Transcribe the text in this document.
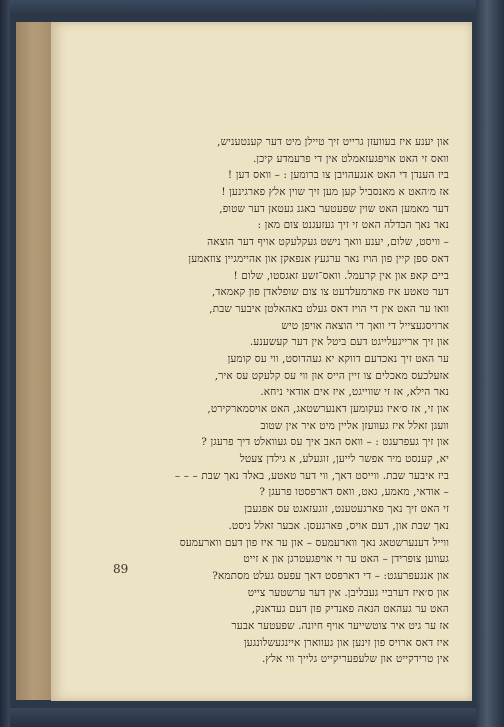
און יענע איז בעוועזן גרייט זיך טיילן מיט דער קענטעניש,
וואס זי האט אויפגעזאמלט אין די פרעמדע קיכן.
ביז הענדן די האט אנגעהויבן צו ברומען : – וואס דען !
אז מ׳האט א מאנסביל קען מען זיך שוין אלץ פארגינען !
דער מאמען האט שוין שפעטער באגנ געטאן דער שטופ,
נאר נאך הבדלה האט זי זיך געזעגנט צום מאן :
– וויסט, שלום, יענע וואך נישט געקלעקט אויף דער הוצאה
דאס ספן קיין פון הויז נאר ערגעץ אנפאקן און אהיימגיין צוזאמען
ביים קאפ און אין קרעמל. וואס־זשע זאגסטו, שלום !
דער טאטע איז פארמעלדעט צו צום שופלאדן פון קאמאד,
וואו ער האט אין די הויז דאס געלט באהאלטן איבער שבת,
ארויסגעצייל די וואך די הוצאה אויפן טיש
און זיך ארייגעלייגט דעם ביטל אין דער קעשענע.
ער האט זיך נאכדעם דווקא יא געהדוסט, ווי עס קומען
אזעלכעס מאכלים צו זיין הייס און ווי עס קלעקט עס איר,
נאר הילא, אז זי שווייגט, איז אים אודאי ניחא.
און זי, אז ס׳איז געקומען דאנערשטאג, האט אויסמארקירט,
וועגן זאלל איז געוועזן אליין מיט איר אין שטוב
און זיך געפרעגט : – וואס האב איך עס געוואלט דיך פרעגן ?
יא, קענסט מיר אפשר לייען, זוגעלע, א גילדן צעטל
ביז איבער שבת. ווייסט דאך, ווי דער טאטע, באלד נאך שבת – – –
– אודאי, מאמע, גאט, וואס דארפסטו פרעגן ?
זי האט זיך נאך פארגעטענט, זוגעזאגט עס אפגעבן
נאך שבת און, דעם אויס, פארגעסן. אבער זאלל ניסט.
ווייל דענערשטאג נאך ווארעמעס – און ער איז פון דעם ווארעמעס
געווען צופרידן – האט ער זי אויפגעטרגן און א זייט
און אנגעפרעגט: – די דארפסט דאך עפעס געלט מסתמא?
און ס׳איז דערביי געבליבן. אין דער ערשטער צייט
האט ער געהאט הנאה פאנדיק פון דעם געדאנק,
אז ער גיט איר צוטשייער אויף חיונה. שפעטער אבער
איז דאס ארויס פון זינען און געווארן איינגעשלונגען
אין טרידקייט און שלעפעריקייט גלייך ווי אלץ.
89
